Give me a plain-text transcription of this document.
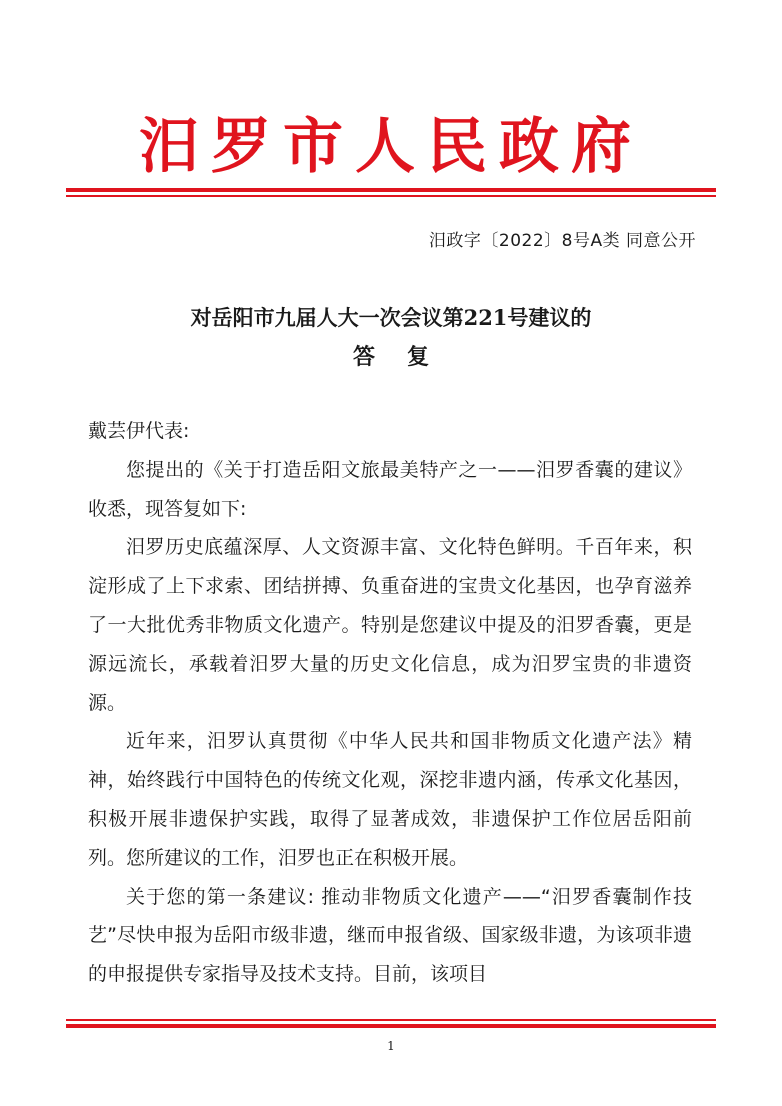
汨罗市人民政府
汨政字〔2022〕8号A类 同意公开
对岳阳市九届人大一次会议第221号建议的
答复

戴芸伊代表:

您提出的《关于打造岳阳文旅最美特产之一——汨罗香囊的建议》收悉，现答复如下:

汨罗历史底蕴深厚、人文资源丰富、文化特色鲜明。千百年来，积淀形成了上下求索、团结拼搏、负重奋进的宝贵文化基因，也孕育滋养了一大批优秀非物质文化遗产。特别是您建议中提及的汨罗香囊，更是源远流长，承载着汨罗大量的历史文化信息，成为汨罗宝贵的非遗资源。

近年来，汨罗认真贯彻《中华人民共和国非物质文化遗产法》精神，始终践行中国特色的传统文化观，深挖非遗内涵，传承文化基因，积极开展非遗保护实践，取得了显著成效，非遗保护工作位居岳阳前列。您所建议的工作，汨罗也正在积极开展。

关于您的第一条建议: 推动非物质文化遗产——“汨罗香囊制作技艺”尽快申报为岳阳市级非遗，继而申报省级、国家级非遗，为该项非遗的申报提供专家指导及技术支持。目前，该项目

1
